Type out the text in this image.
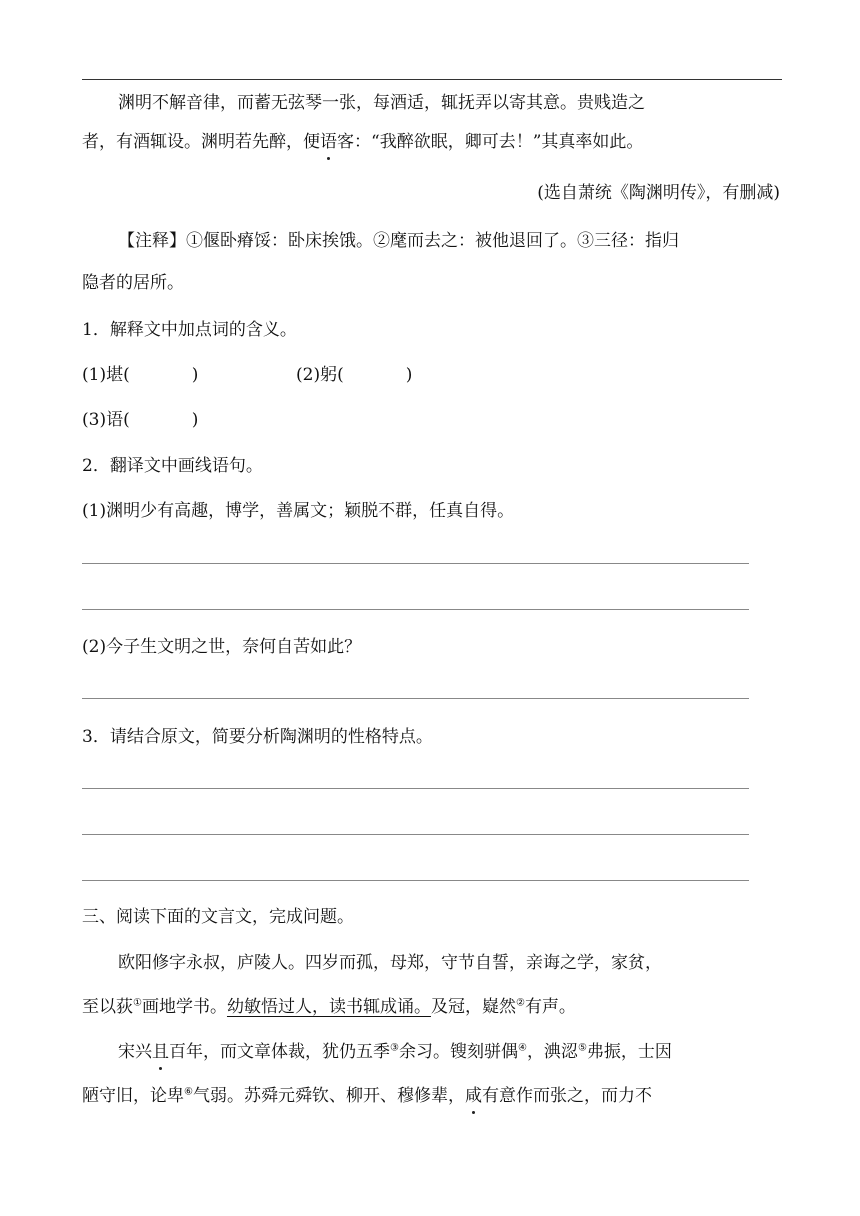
渊明不解音律，而蓄无弦琴一张，每酒适，辄抚弄以寄其意。贵贱造之
者，有酒辄设。渊明若先醉，便语客：“我醉欲眠，卿可去！”其真率如此。
(选自萧统《陶渊明传》，有删减)
【注释】①偃卧瘠馁：卧床挨饿。②麾而去之：被他退回了。③三径：指归
隐者的居所。
1．解释文中加点词的含义。
(1)堪(	)	(2)躬(	)
(3)语(	)
2．翻译文中画线语句。
(1)渊明少有高趣，博学，善属文；颖脱不群，任真自得。
(2)今子生文明之世，奈何自苦如此？
3．请结合原文，简要分析陶渊明的性格特点。
三、阅读下面的文言文，完成问题。
欧阳修字永叔，庐陵人。四岁而孤，母郑，守节自誓，亲诲之学，家贫，
至以荻①画地学书。幼敏悟过人，读书辄成诵。及冠，嶷然②有声。
宋兴且百年，而文章体裁，犹仍五季③余习。锼刻骈偶④，淟涊⑤弗振，士因
陋守旧，论卑⑥气弱。苏舜元舜钦、柳开、穆修辈，咸有意作而张之，而力不
